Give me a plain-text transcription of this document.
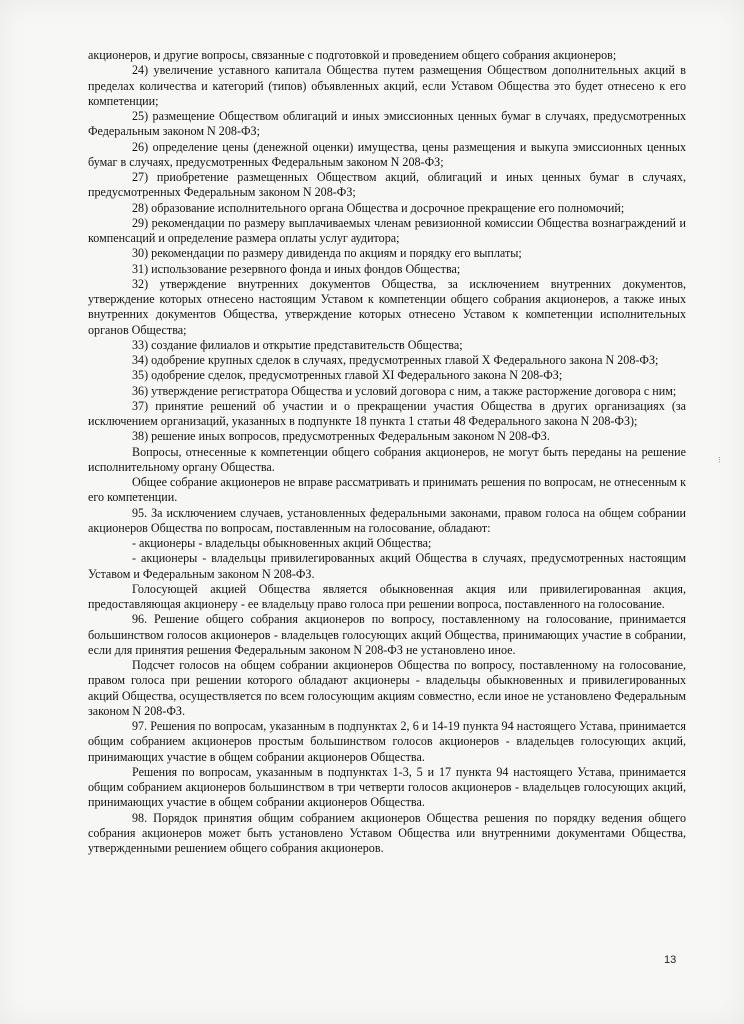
акционеров, и другие вопросы, связанные с подготовкой и проведением общего собрания акционеров;

24) увеличение уставного капитала Общества путем размещения Обществом дополнительных акций в пределах количества и категорий (типов) объявленных акций, если Уставом Общества это будет отнесено к его компетенции;

25) размещение Обществом облигаций и иных эмиссионных ценных бумаг в случаях, предусмотренных Федеральным законом N 208-ФЗ;

26) определение цены (денежной оценки) имущества, цены размещения и выкупа эмиссионных ценных бумаг в случаях, предусмотренных Федеральным законом N 208-ФЗ;

27) приобретение размещенных Обществом акций, облигаций и иных ценных бумаг в случаях, предусмотренных Федеральным законом N 208-ФЗ;

28) образование исполнительного органа Общества и досрочное прекращение его полномочий;

29) рекомендации по размеру выплачиваемых членам ревизионной комиссии Общества вознаграждений и компенсаций и определение размера оплаты услуг аудитора;

30) рекомендации по размеру дивиденда по акциям и порядку его выплаты;

31) использование резервного фонда и иных фондов Общества;

32) утверждение внутренних документов Общества, за исключением внутренних документов, утверждение которых отнесено настоящим Уставом к компетенции общего собрания акционеров, а также иных внутренних документов Общества, утверждение которых отнесено Уставом к компетенции исполнительных органов Общества;

33) создание филиалов и открытие представительств Общества;

34) одобрение крупных сделок в случаях, предусмотренных главой X Федерального закона N 208-ФЗ;

35) одобрение сделок, предусмотренных главой XI Федерального закона N 208-ФЗ;

36) утверждение регистратора Общества и условий договора с ним, а также расторжение договора с ним;

37) принятие решений об участии и о прекращении участия Общества в других организациях (за исключением организаций, указанных в подпункте 18 пункта 1 статьи 48 Федерального закона N 208-ФЗ);

38) решение иных вопросов, предусмотренных Федеральным законом N 208-ФЗ.

Вопросы, отнесенные к компетенции общего собрания акционеров, не могут быть переданы на решение исполнительному органу Общества.

Общее собрание акционеров не вправе рассматривать и принимать решения по вопросам, не отнесенным к его компетенции.

95. За исключением случаев, установленных федеральными законами, правом голоса на общем собрании акционеров Общества по вопросам, поставленным на голосование, обладают:

- акционеры - владельцы обыкновенных акций Общества;

- акционеры - владельцы привилегированных акций Общества в случаях, предусмотренных настоящим Уставом и Федеральным законом N 208-ФЗ.

Голосующей акцией Общества является обыкновенная акция или привилегированная акция, предоставляющая акционеру - ее владельцу право голоса при решении вопроса, поставленного на голосование.

96. Решение общего собрания акционеров по вопросу, поставленному на голосование, принимается большинством голосов акционеров - владельцев голосующих акций Общества, принимающих участие в собрании, если для принятия решения Федеральным законом N 208-ФЗ не установлено иное.

Подсчет голосов на общем собрании акционеров Общества по вопросу, поставленному на голосование, правом голоса при решении которого обладают акционеры - владельцы обыкновенных и привилегированных акций Общества, осуществляется по всем голосующим акциям совместно, если иное не установлено Федеральным законом N 208-ФЗ.

97. Решения по вопросам, указанным в подпунктах 2, 6 и 14-19 пункта 94 настоящего Устава, принимается общим собранием акционеров простым большинством голосов акционеров - владельцев голосующих акций, принимающих участие в общем собрании акционеров Общества.

Решения по вопросам, указанным в подпунктах 1-3, 5 и 17 пункта 94 настоящего Устава, принимается общим собранием акционеров большинством в три четверти голосов акционеров - владельцев голосующих акций, принимающих участие в общем собрании акционеров Общества.

98. Порядок принятия общим собранием акционеров Общества решения по порядку ведения общего собрания акционеров может быть установлено Уставом Общества или внутренними документами Общества, утвержденными решением общего собрания акционеров.

13
⁝
